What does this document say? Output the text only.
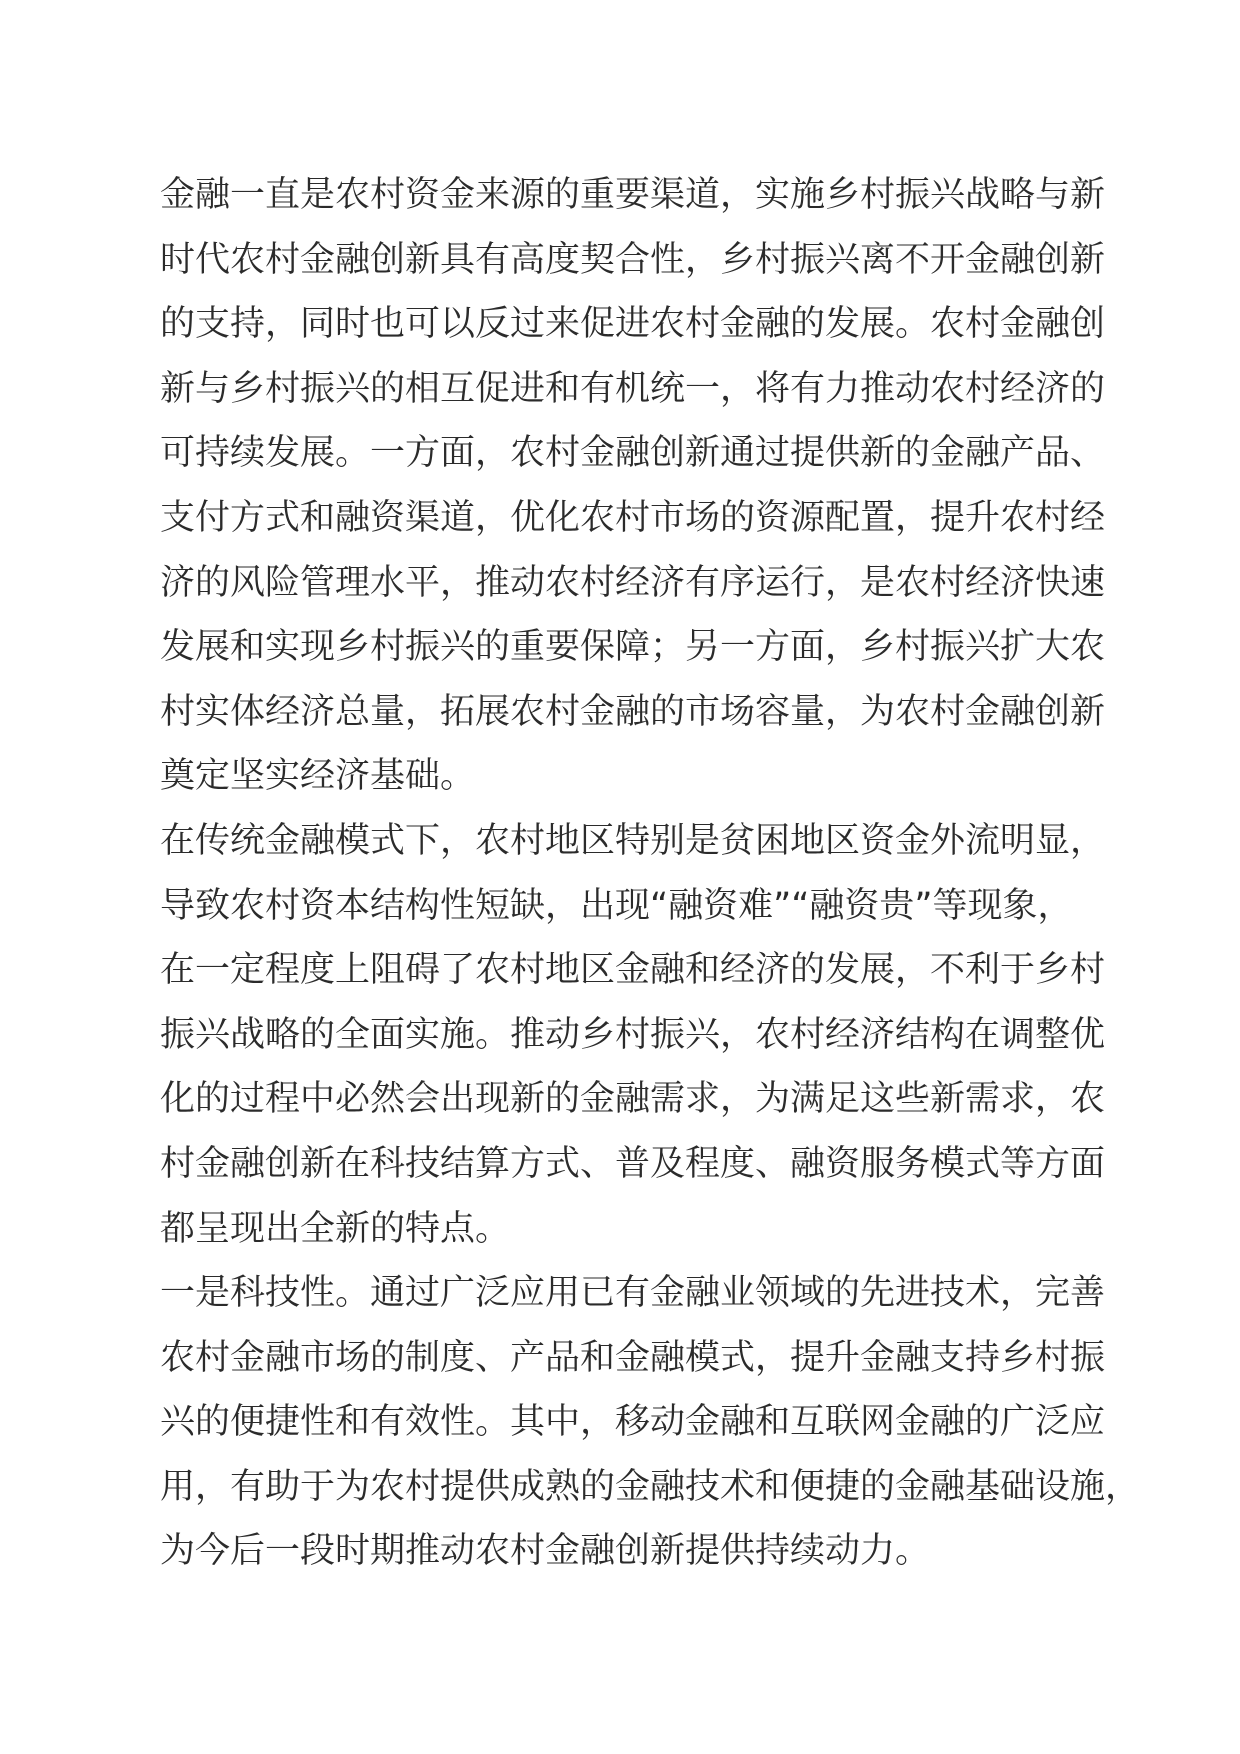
金融一直是农村资金来源的重要渠道，实施乡村振兴战略与新
时代农村金融创新具有高度契合性，乡村振兴离不开金融创新
的支持，同时也可以反过来促进农村金融的发展。农村金融创
新与乡村振兴的相互促进和有机统一，将有力推动农村经济的
可持续发展。一方面，农村金融创新通过提供新的金融产品、
支付方式和融资渠道，优化农村市场的资源配置，提升农村经
济的风险管理水平，推动农村经济有序运行，是农村经济快速
发展和实现乡村振兴的重要保障；另一方面，乡村振兴扩大农
村实体经济总量，拓展农村金融的市场容量，为农村金融创新
奠定坚实经济基础。
在传统金融模式下，农村地区特别是贫困地区资金外流明显，
导致农村资本结构性短缺，出现“融资难”“融资贵”等现象，
在一定程度上阻碍了农村地区金融和经济的发展，不利于乡村
振兴战略的全面实施。推动乡村振兴，农村经济结构在调整优
化的过程中必然会出现新的金融需求，为满足这些新需求，农
村金融创新在科技结算方式、普及程度、融资服务模式等方面
都呈现出全新的特点。
一是科技性。通过广泛应用已有金融业领域的先进技术，完善
农村金融市场的制度、产品和金融模式，提升金融支持乡村振
兴的便捷性和有效性。其中，移动金融和互联网金融的广泛应
用，有助于为农村提供成熟的金融技术和便捷的金融基础设施，
为今后一段时期推动农村金融创新提供持续动力。
